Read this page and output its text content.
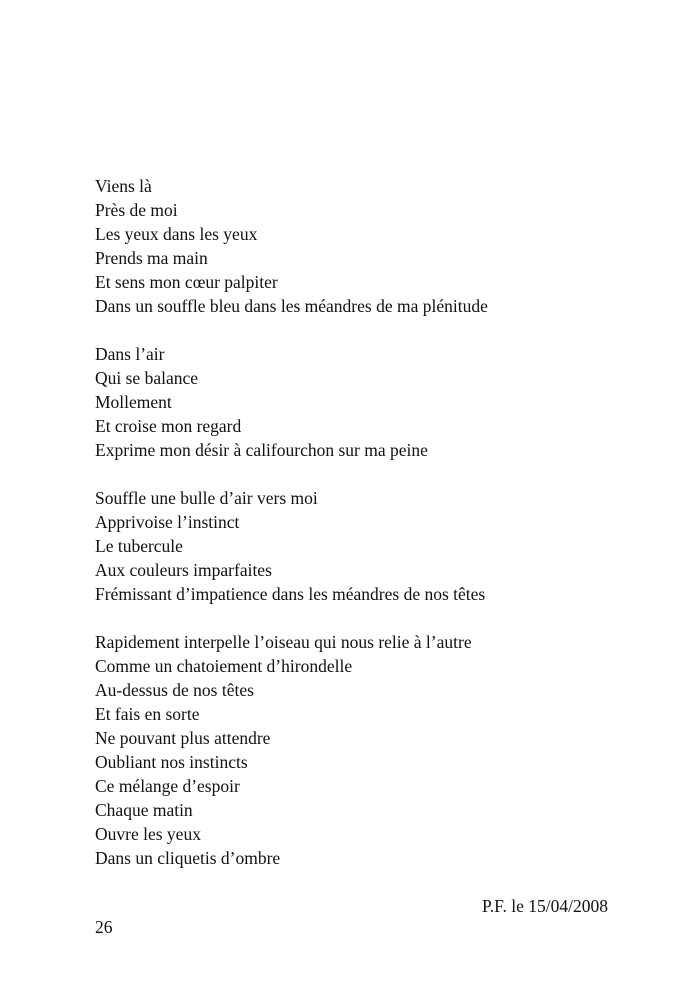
Viens là
Près de moi
Les yeux dans les yeux
Prends ma main
Et sens mon cœur palpiter
Dans un souffle bleu dans les méandres de ma plénitude
Dans l’air
Qui se balance
Mollement
Et croise mon regard
Exprime mon désir à califourchon sur ma peine
Souffle une bulle d’air vers moi
Apprivoise l’instinct
Le tubercule
Aux couleurs imparfaites
Frémissant d’impatience dans les méandres de nos têtes
Rapidement interpelle l’oiseau qui nous relie à l’autre
Comme un chatoiement d’hirondelle
Au-dessus de nos têtes
Et fais en sorte
Ne pouvant plus attendre
Oubliant nos instincts
Ce mélange d’espoir
Chaque matin
Ouvre les yeux
Dans un cliquetis d’ombre
P.F. le 15/04/2008
26
